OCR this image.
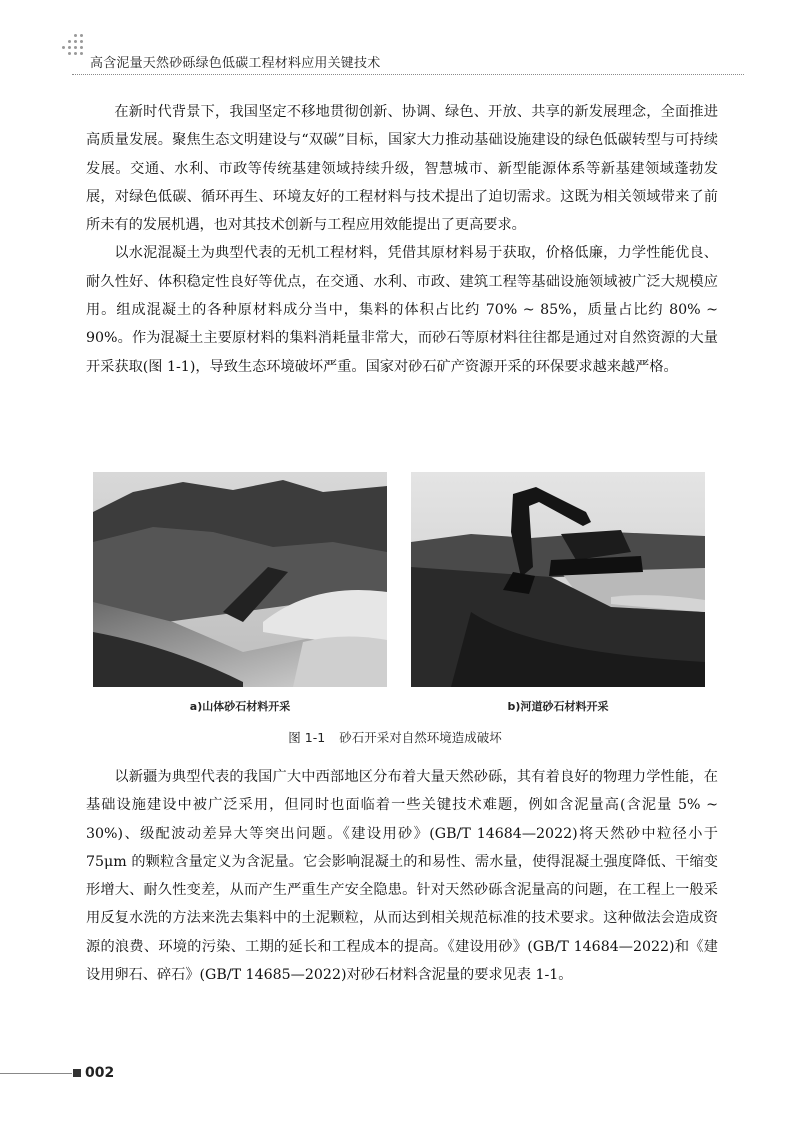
高含泥量天然砂砾绿色低碳工程材料应用关键技术

在新时代背景下，我国坚定不移地贯彻创新、协调、绿色、开放、共享的新发展理念，全面推进高质量发展。聚焦生态文明建设与“双碳”目标，国家大力推动基础设施建设的绿色低碳转型与可持续发展。交通、水利、市政等传统基建领域持续升级，智慧城市、新型能源体系等新基建领域蓬勃发展，对绿色低碳、循环再生、环境友好的工程材料与技术提出了迫切需求。这既为相关领域带来了前所未有的发展机遇，也对其技术创新与工程应用效能提出了更高要求。

以水泥混凝土为典型代表的无机工程材料，凭借其原材料易于获取，价格低廉，力学性能优良、耐久性好、体积稳定性良好等优点，在交通、水利、市政、建筑工程等基础设施领域被广泛大规模应用。组成混凝土的各种原材料成分当中，集料的体积占比约 70% ~ 85%，质量占比约 80% ~ 90%。作为混凝土主要原材料的集料消耗量非常大，而砂石等原材料往往都是通过对自然资源的大量开采获取(图 1-1)，导致生态环境破坏严重。国家对砂石矿产资源开采的环保要求越来越严格。

a)山体砂石材料开采	b)河道砂石材料开采
图 1-1 砂石开采对自然环境造成破坏

以新疆为典型代表的我国广大中西部地区分布着大量天然砂砾，其有着良好的物理力学性能，在基础设施建设中被广泛采用，但同时也面临着一些关键技术难题，例如含泥量高(含泥量 5% ~ 30%)、级配波动差异大等突出问题。《建设用砂》(GB/T 14684—2022)将天然砂中粒径小于 75μm 的颗粒含量定义为含泥量。它会影响混凝土的和易性、需水量，使得混凝土强度降低、干缩变形增大、耐久性变差，从而产生严重生产安全隐患。针对天然砂砾含泥量高的问题，在工程上一般采用反复水洗的方法来洗去集料中的土泥颗粒，从而达到相关规范标准的技术要求。这种做法会造成资源的浪费、环境的污染、工期的延长和工程成本的提高。《建设用砂》(GB/T 14684—2022)和《建设用卵石、碎石》(GB/T 14685—2022)对砂石材料含泥量的要求见表 1-1。

002
